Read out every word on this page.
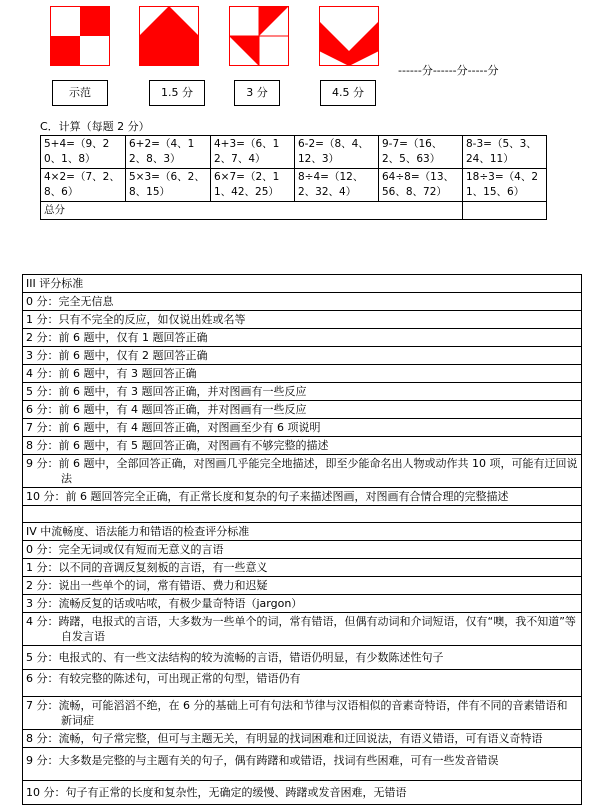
示范	1.5 分	3 分	4.5 分
------分------分-----分
C．计算（每题 2 分）
5+4=（9、20、1、8）	6+2=（4、12、8、3）	4+3=（6、12、7、4）	6-2=（8、4、12、3）	9-7=（16、2、5、63）	8-3=（5、3、24、11）
4×2=（7、2、8、6）	5×3=（6、2、8、15）	6×7=（2、11、42、25）	8÷4=（12、2、32、4）	64÷8=（13、56、8、72）	18÷3=（4、21、15、6）
总分					
III 评分标准
0 分：完全无信息
1 分：只有不完全的反应，如仅说出姓或名等
2 分：前 6 题中，仅有 1 题回答正确
3 分：前 6 题中，仅有 2 题回答正确
4 分：前 6 题中，有 3 题回答正确
5 分：前 6 题中，有 3 题回答正确，并对图画有一些反应
6 分：前 6 题中，有 4 题回答正确，并对图画有一些反应
7 分：前 6 题中，有 4 题回答正确，对图画至少有 6 项说明
8 分：前 6 题中，有 5 题回答正确，对图画有不够完整的描述
9 分：前 6 题中，全部回答正确，对图画几乎能完全地描述，即至少能命名出人物或动作共 10 项，可能有迂回说法
10 分：前 6 题回答完全正确，有正常长度和复杂的句子来描述图画，对图画有合情合理的完整描述

IV 中流畅度、语法能力和错语的检查评分标准
0 分：完全无词或仅有短而无意义的言语
1 分：以不同的音调反复刻板的言语，有一些意义
2 分：说出一些单个的词，常有错语、费力和迟疑
3 分：流畅反复的话或咕哝，有极少量奇特语（jargon）
4 分：踌躇，电报式的言语，大多数为一些单个的词，常有错语，但偶有动词和介词短语，仅有“噢，我不知道”等自发言语
5 分：电报式的、有一些文法结构的较为流畅的言语，错语仍明显，有少数陈述性句子
6 分：有较完整的陈述句，可出现正常的句型，错语仍有
7 分：流畅，可能滔滔不绝，在 6 分的基础上可有句法和节律与汉语相似的音素奇特语，伴有不同的音素错语和新词症
8 分：流畅，句子常完整，但可与主题无关，有明显的找词困难和迂回说法，有语义错语，可有语义奇特语
9 分：大多数是完整的与主题有关的句子，偶有踌躇和或错语，找词有些困难，可有一些发音错误
10 分：句子有正常的长度和复杂性，无确定的缓慢、踌躇或发音困难，无错语
